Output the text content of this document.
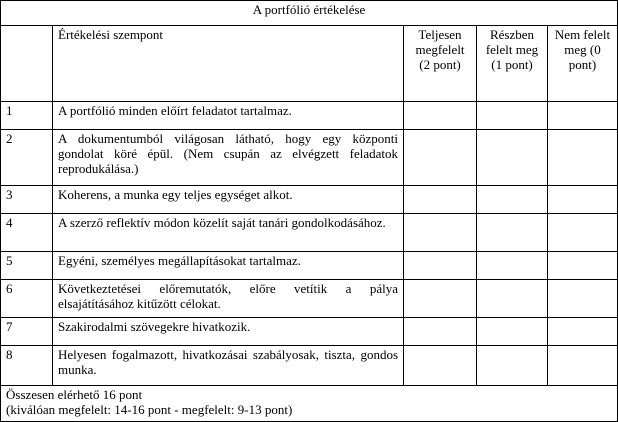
A portfólió értékelése				
	Értékelési szempont	Teljesen megfelelt (2 pont)	Részben felelt meg (1 pont)	Nem felelt meg (0 pont)
1	A portfólió minden előírt feladatot tartalmaz.			
2	A dokumentumból világosan látható, hogy egy központi gondolat köré épül. (Nem csupán az elvégzett feladatok reprodukálása.)			
3	Koherens, a munka egy teljes egységet alkot.			
4	A szerző reflektív módon közelít saját tanári gondolkodásához.			
5	Egyéni, személyes megállapításokat tartalmaz.			
6	Következtetései előremutatók, előre vetítik a pálya elsajátításához kitűzött célokat.			
7	Szakirodalmi szövegekre hivatkozik.			
8	Helyesen fogalmazott, hivatkozásai szabályosak, tiszta, gondos munka.			

Összesen elérhető 16 pont
(kiválóan megfelelt: 14-16 pont - megfelelt: 9-13 pont)				
